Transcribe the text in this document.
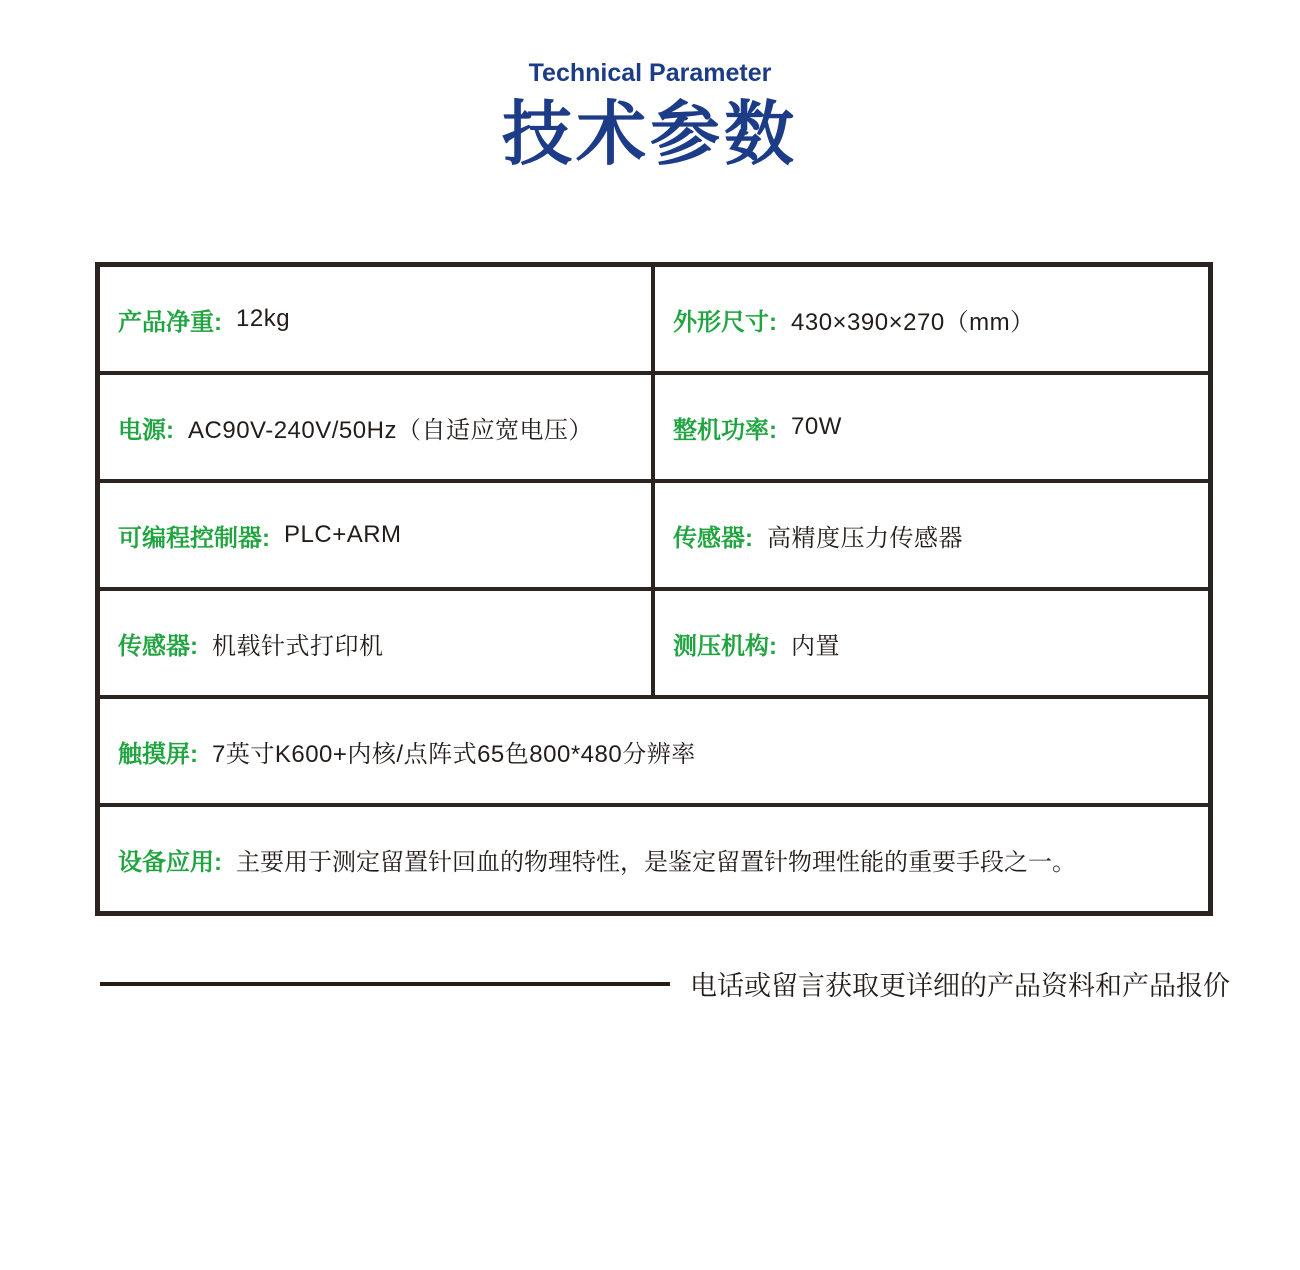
Technical Parameter
技术参数
产品净重: 12kg	外形尺寸: 430×390×270（mm）
电源: AC90V-240V/50Hz（自适应宽电压）	整机功率: 70W
可编程控制器: PLC+ARM	传感器: 高精度压力传感器
传感器: 机载针式打印机	测压机构: 内置
触摸屏: 7英寸K600+内核/点阵式65色800*480分辨率
设备应用: 主要用于测定留置针回血的物理特性，是鉴定留置针物理性能的重要手段之一。
电话或留言获取更详细的产品资料和产品报价
